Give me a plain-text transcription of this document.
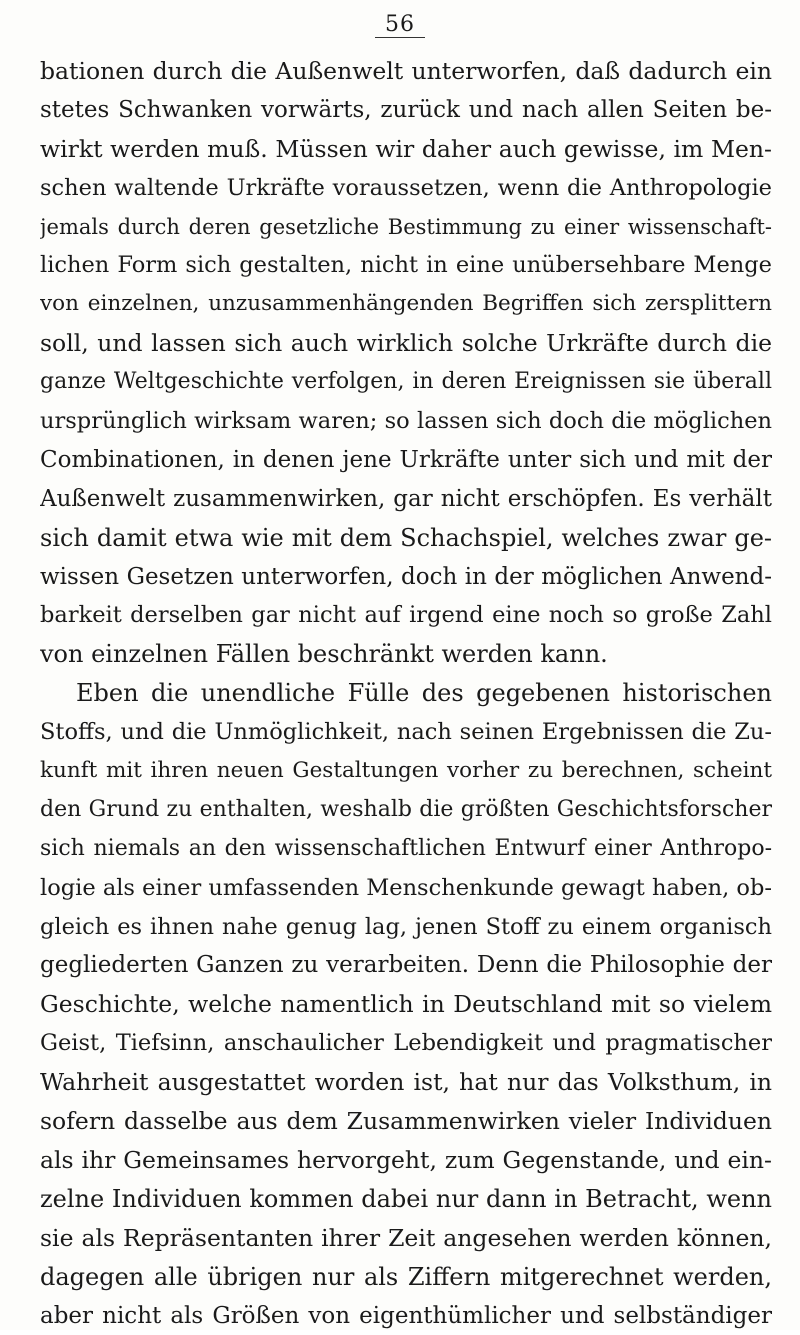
56
bationen durch die Außenwelt unterworfen, daß dadurch ein
stetes Schwanken vorwärts, zurück und nach allen Seiten be-
wirkt werden muß. Müssen wir daher auch gewisse, im Men-
schen waltende Urkräfte voraussetzen, wenn die Anthropologie
jemals durch deren gesetzliche Bestimmung zu einer wissenschaft-
lichen Form sich gestalten, nicht in eine unübersehbare Menge
von einzelnen, unzusammenhängenden Begriffen sich zersplittern
soll, und lassen sich auch wirklich solche Urkräfte durch die
ganze Weltgeschichte verfolgen, in deren Ereignissen sie überall
ursprünglich wirksam waren; so lassen sich doch die möglichen
Combinationen, in denen jene Urkräfte unter sich und mit der
Außenwelt zusammenwirken, gar nicht erschöpfen. Es verhält
sich damit etwa wie mit dem Schachspiel, welches zwar ge-
wissen Gesetzen unterworfen, doch in der möglichen Anwend-
barkeit derselben gar nicht auf irgend eine noch so große Zahl
von einzelnen Fällen beschränkt werden kann.
Eben die unendliche Fülle des gegebenen historischen
Stoffs, und die Unmöglichkeit, nach seinen Ergebnissen die Zu-
kunft mit ihren neuen Gestaltungen vorher zu berechnen, scheint
den Grund zu enthalten, weshalb die größten Geschichtsforscher
sich niemals an den wissenschaftlichen Entwurf einer Anthropo-
logie als einer umfassenden Menschenkunde gewagt haben, ob-
gleich es ihnen nahe genug lag, jenen Stoff zu einem organisch
gegliederten Ganzen zu verarbeiten. Denn die Philosophie der
Geschichte, welche namentlich in Deutschland mit so vielem
Geist, Tiefsinn, anschaulicher Lebendigkeit und pragmatischer
Wahrheit ausgestattet worden ist, hat nur das Volksthum, in
sofern dasselbe aus dem Zusammenwirken vieler Individuen
als ihr Gemeinsames hervorgeht, zum Gegenstande, und ein-
zelne Individuen kommen dabei nur dann in Betracht, wenn
sie als Repräsentanten ihrer Zeit angesehen werden können,
dagegen alle übrigen nur als Ziffern mitgerechnet werden,
aber nicht als Größen von eigenthümlicher und selbständiger
